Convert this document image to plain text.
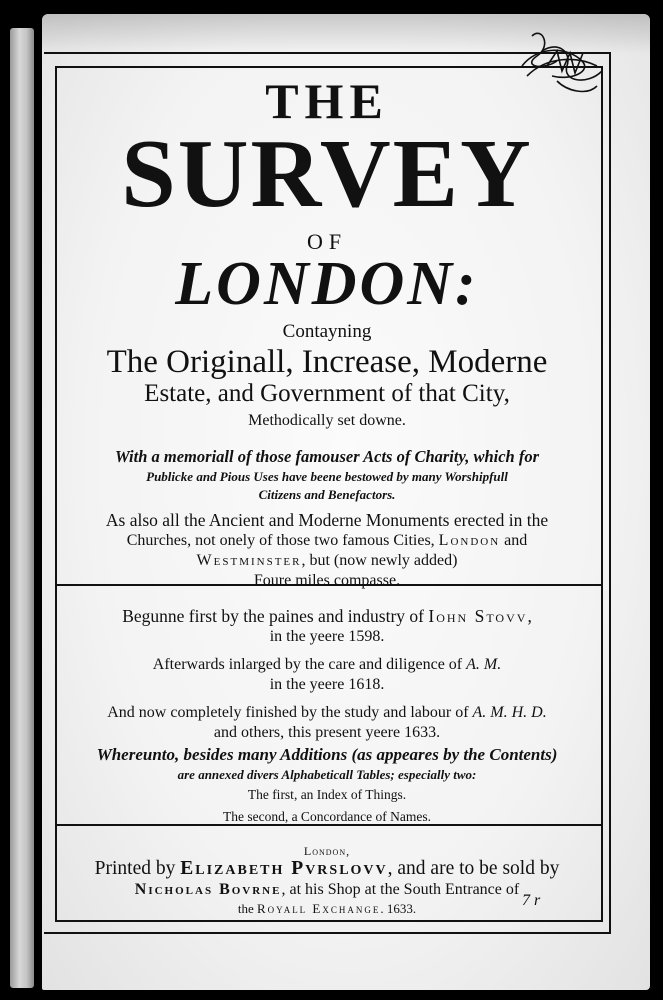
THE
SURVEY
OF
LONDON:
Contayning
The Originall, Increase, Moderne
Estate, and Government of that City,
Methodically set downe.
With a memoriall of those famouser Acts of Charity, which for
Publicke and Pious Uses have beene bestowed by many Worshipfull
Citizens and Benefactors.
As also all the Ancient and Moderne Monuments erected in the
Churches, not onely of those two famous Cities, London and
Westminster, but (now newly added)
Foure miles compasse.
Begunne first by the paines and industry of Iohn Stovv,
in the yeere 1598.
Afterwards inlarged by the care and diligence of A. M.
in the yeere 1618.
And now completely finished by the study and labour of A. M. H. D.
and others, this present yeere 1633.
Whereunto, besides many Additions (as appeares by the Contents)
are annexed divers Alphabeticall Tables; especially two:
The first, an Index of Things.
The second, a Concordance of Names.
London,
Printed by Elizabeth Pvrslovv, and are to be sold by
Nicholas Bovrne, at his Shop at the South Entrance of
the Royall Exchange. 1633.	7 r
